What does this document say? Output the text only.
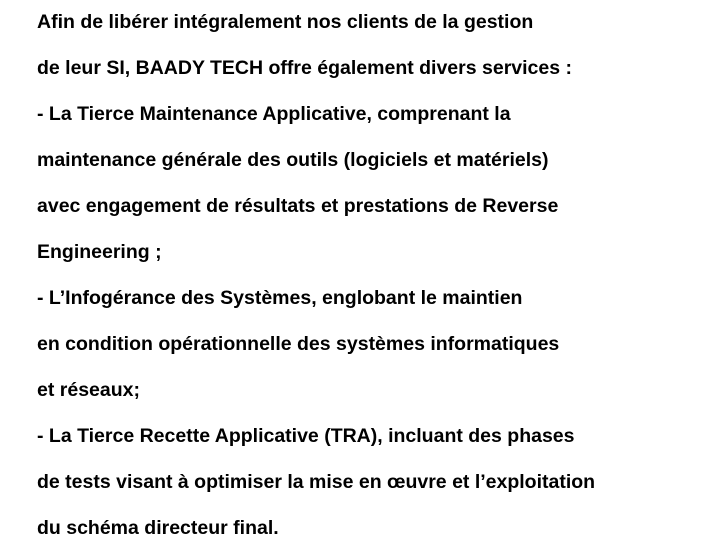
Afin de libérer intégralement nos clients de la gestion

de leur SI, BAADY TECH offre également divers services :

- La Tierce Maintenance Applicative, comprenant la

maintenance générale des outils (logiciels et matériels)

avec engagement de résultats et prestations de Reverse

Engineering ;

- L’Infogérance des Systèmes, englobant le maintien

en condition opérationnelle des systèmes informatiques

et réseaux;

- La Tierce Recette Applicative (TRA), incluant des phases

de tests visant à optimiser la mise en œuvre et l’exploitation

du schéma directeur final.
